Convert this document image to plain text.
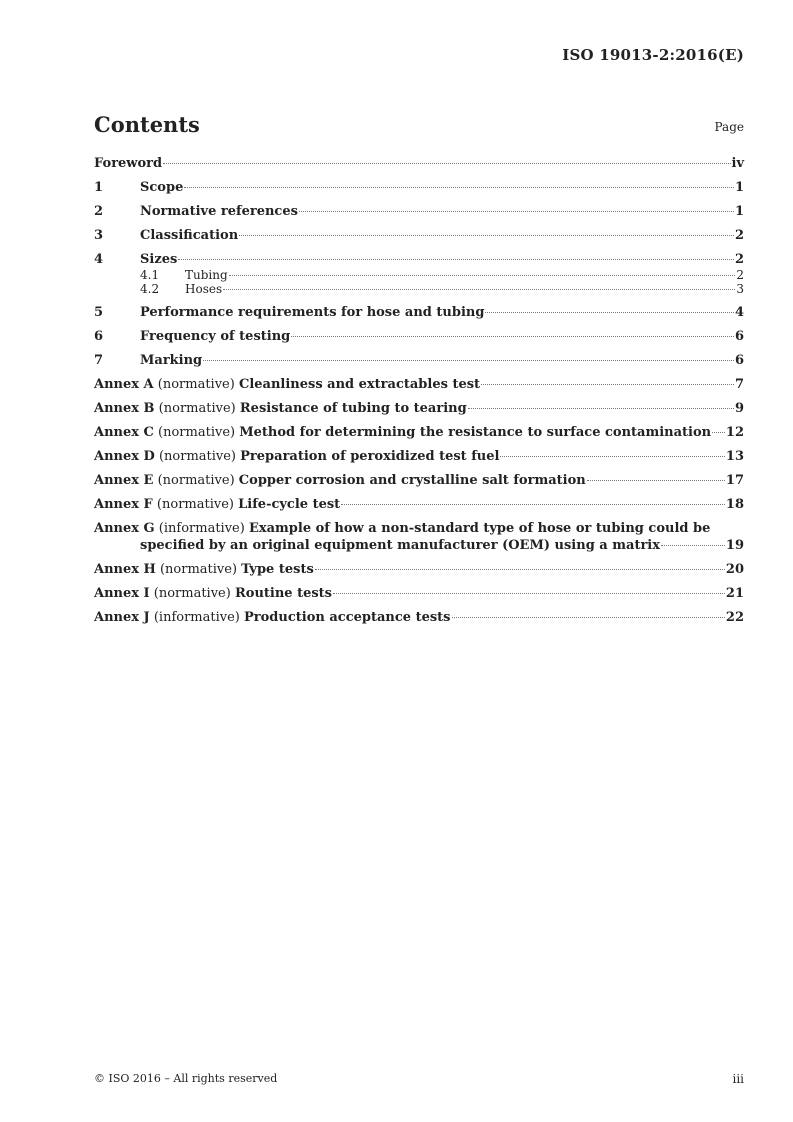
ISO 19013-2:2016(E)
Contents	Page
Foreword	iv
1	Scope	1
2	Normative references	1
3	Classification	2
4	Sizes	2
4.1	Tubing	2
4.2	Hoses	3
5	Performance requirements for hose and tubing	4
6	Frequency of testing	6
7	Marking	6
Annex A (normative) Cleanliness and extractables test	7
Annex B (normative) Resistance of tubing to tearing	9
Annex C (normative) Method for determining the resistance to surface contamination 12
Annex D (normative) Preparation of peroxidized test fuel	13
Annex E (normative) Copper corrosion and crystalline salt formation	17
Annex F (normative) Life-cycle test	18
Annex G (informative) Example of how a non-standard type of hose or tubing could be
specified by an original equipment manufacturer (OEM) using a matrix	19
Annex H (normative) Type tests	20
Annex I (normative) Routine tests	21
Annex J (informative) Production acceptance tests	22
© ISO 2016 – All rights reserved	iii
